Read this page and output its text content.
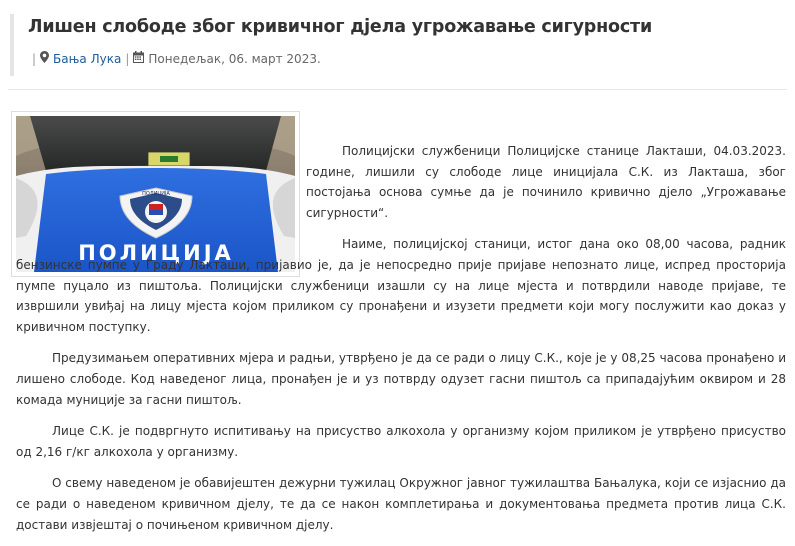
Лишен слободе због кривичног дјела угрожавање сигурности
| Бања Лука | Понедељак, 06. март 2023.
ПОЛИЦИЈА
ПОЛИЦИЈА

Полицијски службеници Полицијске станице Лакташи, 04.03.2023. године, лишили су слободе лице иницијала С.К. из Лакташа, због постојања основа сумње да је починило кривично дјело „Угрожавање сигурности“.

Наиме, полицијској станици, истог дана око 08,00 часова, радник бензинске пумпе у Граду Лакташи, пријавио је, да је непосредно прије пријаве непознато лице, испред просторија пумпе пуцало из пиштоља. Полицијски службеници изашли су на лице мјеста и потврдили наводе пријаве, те извршили увиђај на лицу мјеста којом приликом су пронађени и изузети предмети који могу послужити као доказ у кривичном поступку.

Предузимањем оперативних мјера и радњи, утврђено је да се ради о лицу С.К., које је у 08,25 часова пронађено и лишено слободе. Код наведеног лица, пронађен је и уз потврду одузет гасни пиштољ са припадајућим оквиром и 28 комада муниције за гасни пиштољ.

Лице С.К. је подвргнуто испитивању на присуство алкохола у организму којом приликом је утврђено присуство од 2,16 г/кг алкохола у организму.

О свему наведеном је обавијештен дежурни тужилац Окружног јавног тужилаштва Бањалука, који се изјаснио да се ради о наведеном кривичном дјелу, те да се након комплетирања и документовања предмета против лица С.К. достави извјештај о почињеном кривичном дјелу.
